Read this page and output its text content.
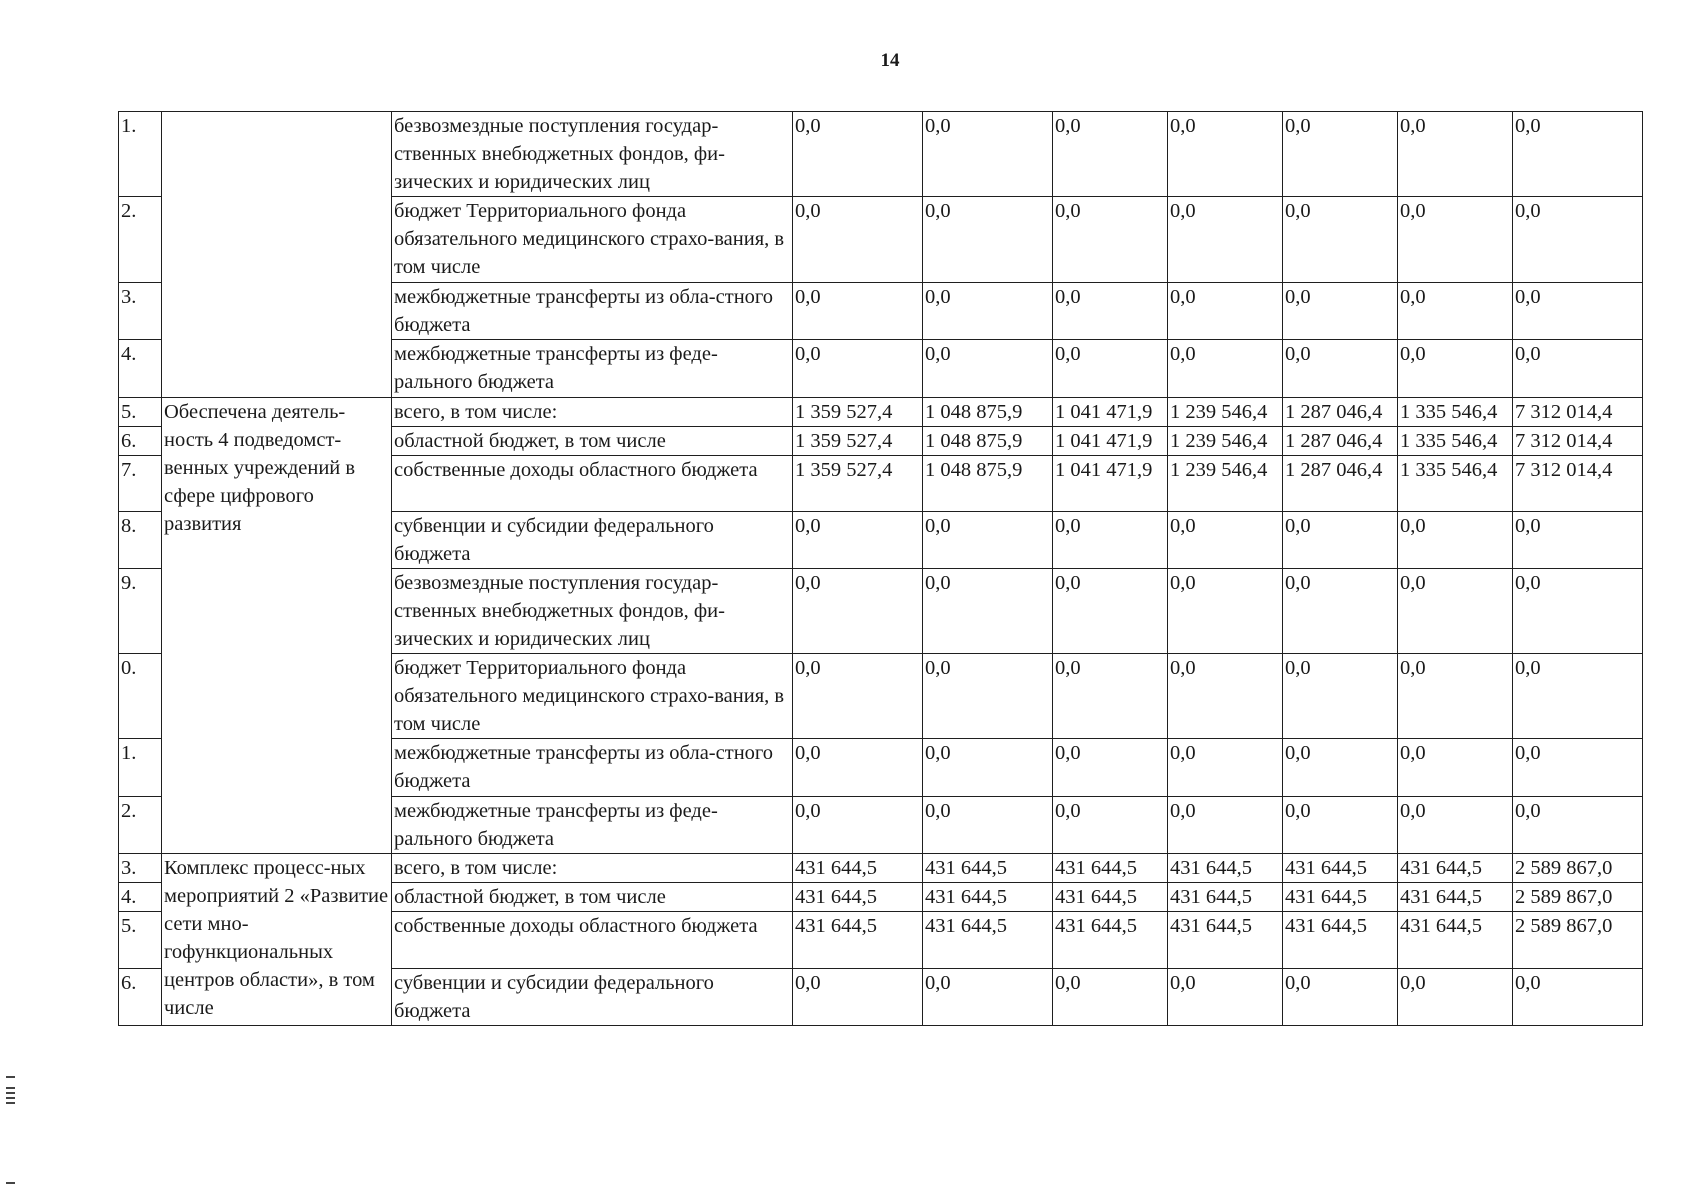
14
1.		безвозмездные поступления государ-ственных внебюджетных фондов, фи-зических и юридических лиц	0,0	0,0	0,0	0,0	0,0	0,0	0,0
2.		бюджет Территориального фонда обязательного медицинского страхо-вания, в том числе	0,0	0,0	0,0	0,0	0,0	0,0	0,0
3.		межбюджетные трансферты из обла-стного бюджета	0,0	0,0	0,0	0,0	0,0	0,0	0,0
4.		межбюджетные трансферты из феде-рального бюджета	0,0	0,0	0,0	0,0	0,0	0,0	0,0
5.	Обеспечена деятель-ность 4 подведомст-венных учреждений в сфере цифрового развития	всего, в том числе:	1 359 527,4	1 048 875,9	1 041 471,9	1 239 546,4	1 287 046,4	1 335 546,4	7 312 014,4
6.		областной бюджет, в том числе	1 359 527,4	1 048 875,9	1 041 471,9	1 239 546,4	1 287 046,4	1 335 546,4	7 312 014,4
7.		собственные доходы областного бюджета	1 359 527,4	1 048 875,9	1 041 471,9	1 239 546,4	1 287 046,4	1 335 546,4	7 312 014,4
8.		субвенции и субсидии федерального бюджета	0,0	0,0	0,0	0,0	0,0	0,0	0,0
9.		безвозмездные поступления государ-ственных внебюджетных фондов, фи-зических и юридических лиц	0,0	0,0	0,0	0,0	0,0	0,0	0,0
0.		бюджет Территориального фонда обязательного медицинского страхо-вания, в том числе	0,0	0,0	0,0	0,0	0,0	0,0	0,0
1.		межбюджетные трансферты из обла-стного бюджета	0,0	0,0	0,0	0,0	0,0	0,0	0,0
2.		межбюджетные трансферты из феде-рального бюджета	0,0	0,0	0,0	0,0	0,0	0,0	0,0
3.	Комплекс процесс-ных мероприятий 2 «Развитие сети мно-гофункциональных центров области», в том числе	всего, в том числе:	431 644,5	431 644,5	431 644,5	431 644,5	431 644,5	431 644,5	2 589 867,0
4.		областной бюджет, в том числе	431 644,5	431 644,5	431 644,5	431 644,5	431 644,5	431 644,5	2 589 867,0
5.		собственные доходы областного бюджета	431 644,5	431 644,5	431 644,5	431 644,5	431 644,5	431 644,5	2 589 867,0
6.		субвенции и субсидии федерального бюджета	0,0	0,0	0,0	0,0	0,0	0,0	0,0
